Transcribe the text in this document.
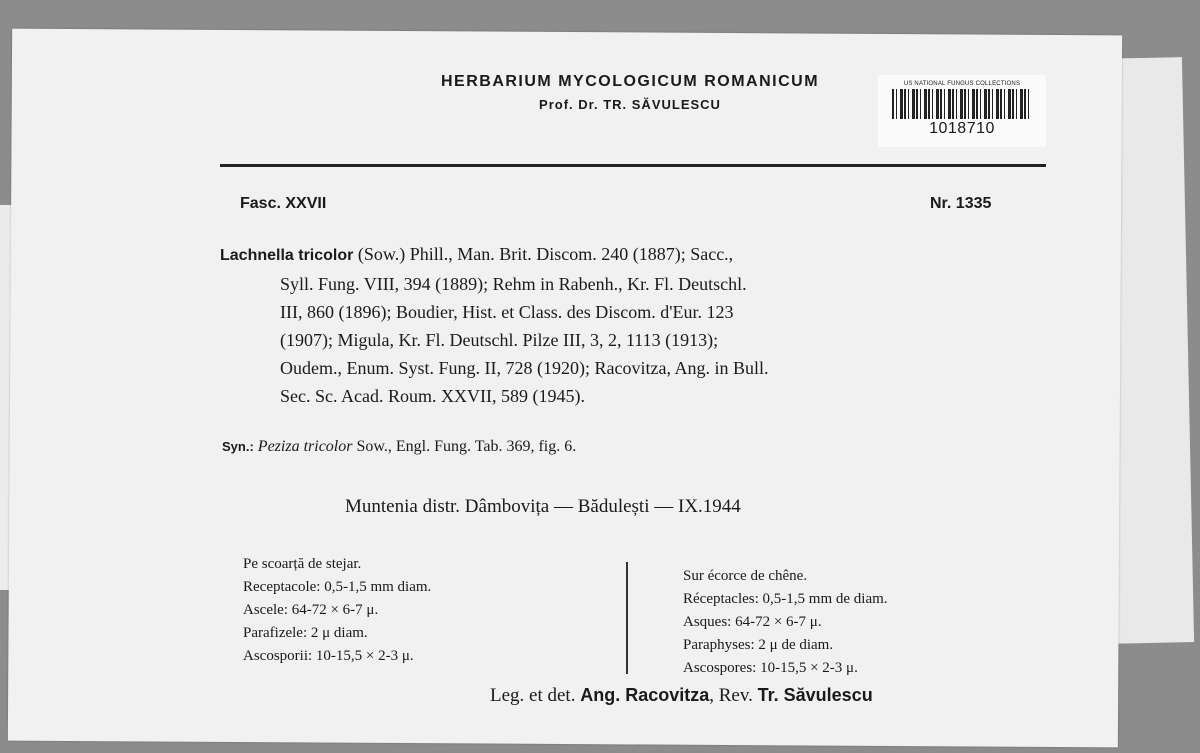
HERBARIUM MYCOLOGICUM ROMANICUM
Prof. Dr. TR. SĂVULESCU
US NATIONAL FUNGUS COLLECTIONS
1018710
Fasc. XXVII	Nr. 1335
Lachnella tricolor (Sow.) Phill., Man. Brit. Discom. 240 (1887); Sacc.,
Syll. Fung. VIII, 394 (1889); Rehm in Rabenh., Kr. Fl. Deutschl.
III, 860 (1896); Boudier, Hist. et Class. des Discom. d'Eur. 123
(1907); Migula, Kr. Fl. Deutschl. Pilze III, 3, 2, 1113 (1913);
Oudem., Enum. Syst. Fung. II, 728 (1920); Racovitza, Ang. in Bull.
Sec. Sc. Acad. Roum. XXVII, 589 (1945).
Syn.: Peziza tricolor Sow., Engl. Fung. Tab. 369, fig. 6.
Muntenia distr. Dâmbovița — Bădulești — IX.1944
Pe scoarță de stejar.
Receptacole: 0,5-1,5 mm diam.
Ascele: 64-72 × 6-7 μ.
Parafizele: 2 μ diam.
Ascosporii: 10-15,5 × 2-3 μ.
Sur écorce de chêne.
Réceptacles: 0,5-1,5 mm de diam.
Asques: 64-72 × 6-7 μ.
Paraphyses: 2 μ de diam.
Ascospores: 10-15,5 × 2-3 μ.
Leg. et det. Ang. Racovitza, Rev. Tr. Săvulescu
